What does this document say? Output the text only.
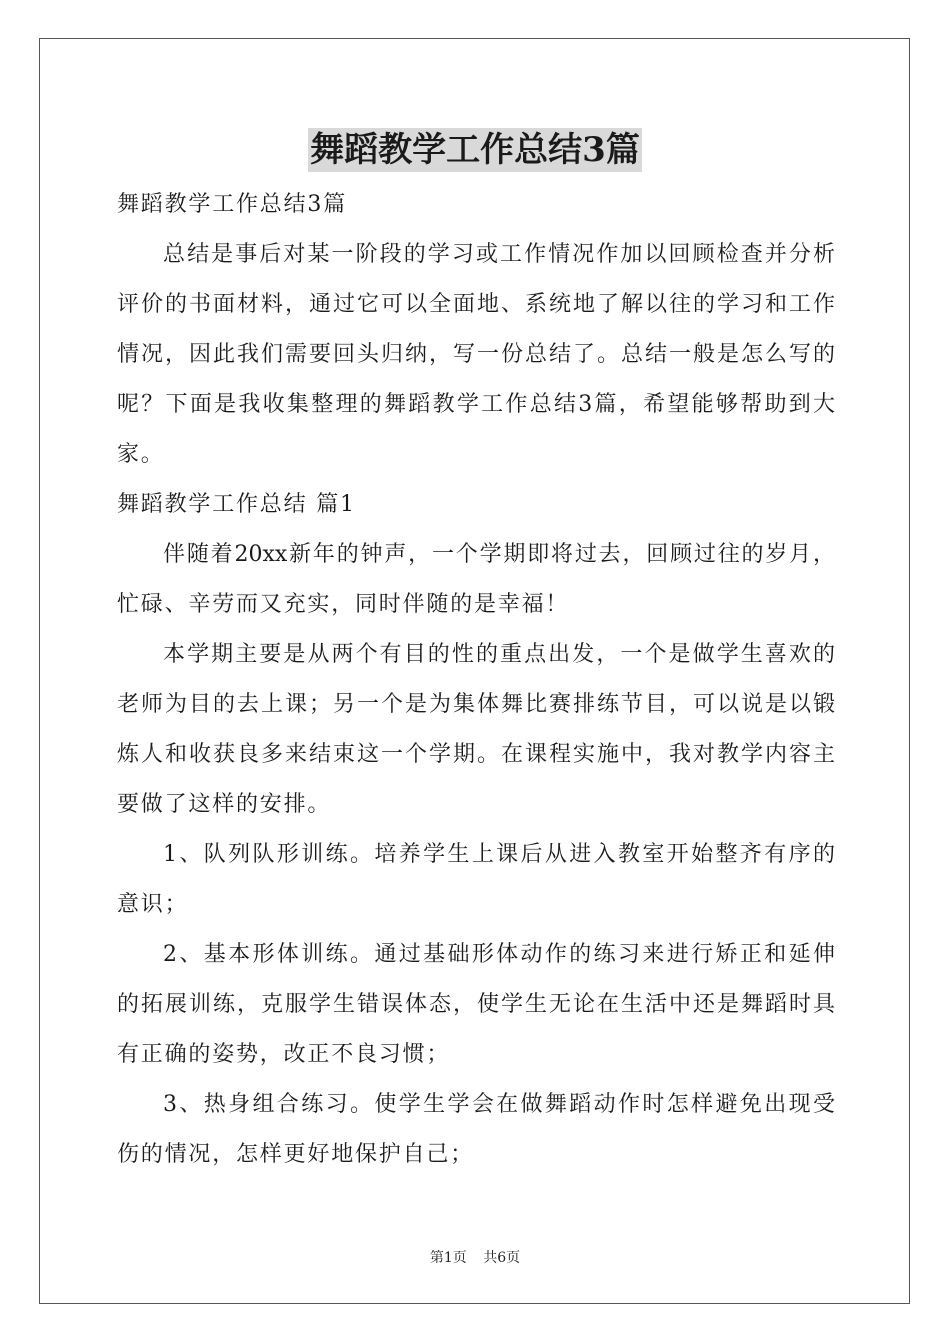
舞蹈教学工作总结3篇
舞蹈教学工作总结3篇
总结是事后对某一阶段的学习或工作情况作加以回顾检查并分析
评价的书面材料，通过它可以全面地、系统地了解以往的学习和工作
情况，因此我们需要回头归纳，写一份总结了。总结一般是怎么写的
呢？下面是我收集整理的舞蹈教学工作总结3篇，希望能够帮助到大
家。
舞蹈教学工作总结 篇1
伴随着20xx新年的钟声，一个学期即将过去，回顾过往的岁月，
忙碌、辛劳而又充实，同时伴随的是幸福！
本学期主要是从两个有目的性的重点出发，一个是做学生喜欢的
老师为目的去上课；另一个是为集体舞比赛排练节目，可以说是以锻
炼人和收获良多来结束这一个学期。在课程实施中，我对教学内容主
要做了这样的安排。
1、队列队形训练。培养学生上课后从进入教室开始整齐有序的
意识；
2、基本形体训练。通过基础形体动作的练习来进行矫正和延伸
的拓展训练，克服学生错误体态，使学生无论在生活中还是舞蹈时具
有正确的姿势，改正不良习惯；
3、热身组合练习。使学生学会在做舞蹈动作时怎样避免出现受
伤的情况，怎样更好地保护自己；
第1页 共6页
